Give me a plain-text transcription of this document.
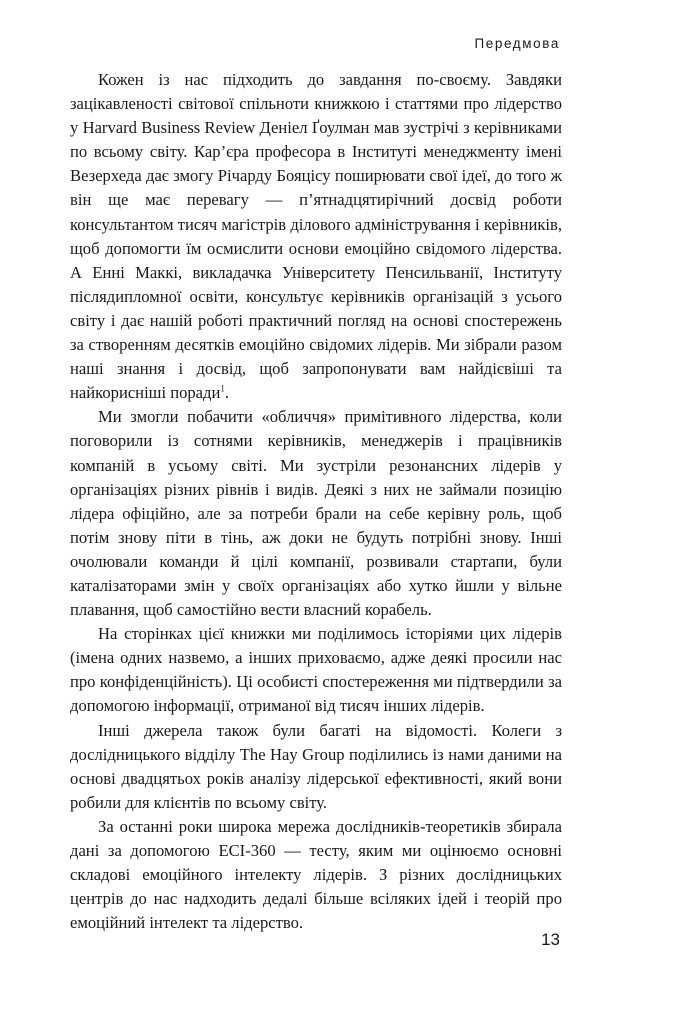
Передмова

Кожен із нас підходить до завдання по-своєму. Завдяки зацікавленості світової спільноти книжкою і статтями про лідерство у Harvard Business Review Деніел Ґоулман мав зустрічі з керівниками по всьому світу. Кар’єра професора в Інституті менеджменту імені Везерхеда дає змогу Річарду Бояцісу поширювати свої ідеї, до того ж він ще має перевагу — п’ятнадцятирічний досвід роботи консультантом тисяч магістрів ділового адміністрування і керівників, щоб допомогти їм осмислити основи емоційно свідомого лідерства. А Енні Маккі, викладачка Університету Пенсильванії, Інституту післядипломної освіти, консультує керівників організацій з усього світу і дає нашій роботі практичний погляд на основі спостережень за створенням десятків емоційно свідомих лідерів. Ми зібрали разом наші знання і досвід, щоб запропонувати вам найдієвіші та найкорисніші поради$^1$.

Ми змогли побачити «обличчя» примітивного лідерства, коли поговорили із сотнями керівників, менеджерів і працівників компаній в усьому світі. Ми зустріли резонансних лідерів у організаціях різних рівнів і видів. Деякі з них не займали позицію лідера офіційно, але за потреби брали на себе керівну роль, щоб потім знову піти в тінь, аж доки не будуть потрібні знову. Інші очолювали команди й цілі компанії, розвивали стартапи, були каталізаторами змін у своїх організаціях або хутко йшли у вільне плавання, щоб самостійно вести власний корабель.

На сторінках цієї книжки ми поділимось історіями цих лідерів (імена одних назвемо, а інших приховаємо, адже деякі просили нас про конфіденційність). Ці особисті спостереження ми підтвердили за допомогою інформації, отриманої від тисяч інших лідерів.

Інші джерела також були багаті на відомості. Колеги з дослідницького відділу The Hay Group поділились із нами даними на основі двадцятьох років аналізу лідерської ефективності, який вони робили для клієнтів по всьому світу.

За останні роки широка мережа дослідників-теоретиків збирала дані за допомогою ECI-360 — тесту, яким ми оцінюємо основні складові емоційного інтелекту лідерів. З різних дослідницьких центрів до нас надходить дедалі більше всіляких ідей і теорій про емоційний інтелект та лідерство.

13
